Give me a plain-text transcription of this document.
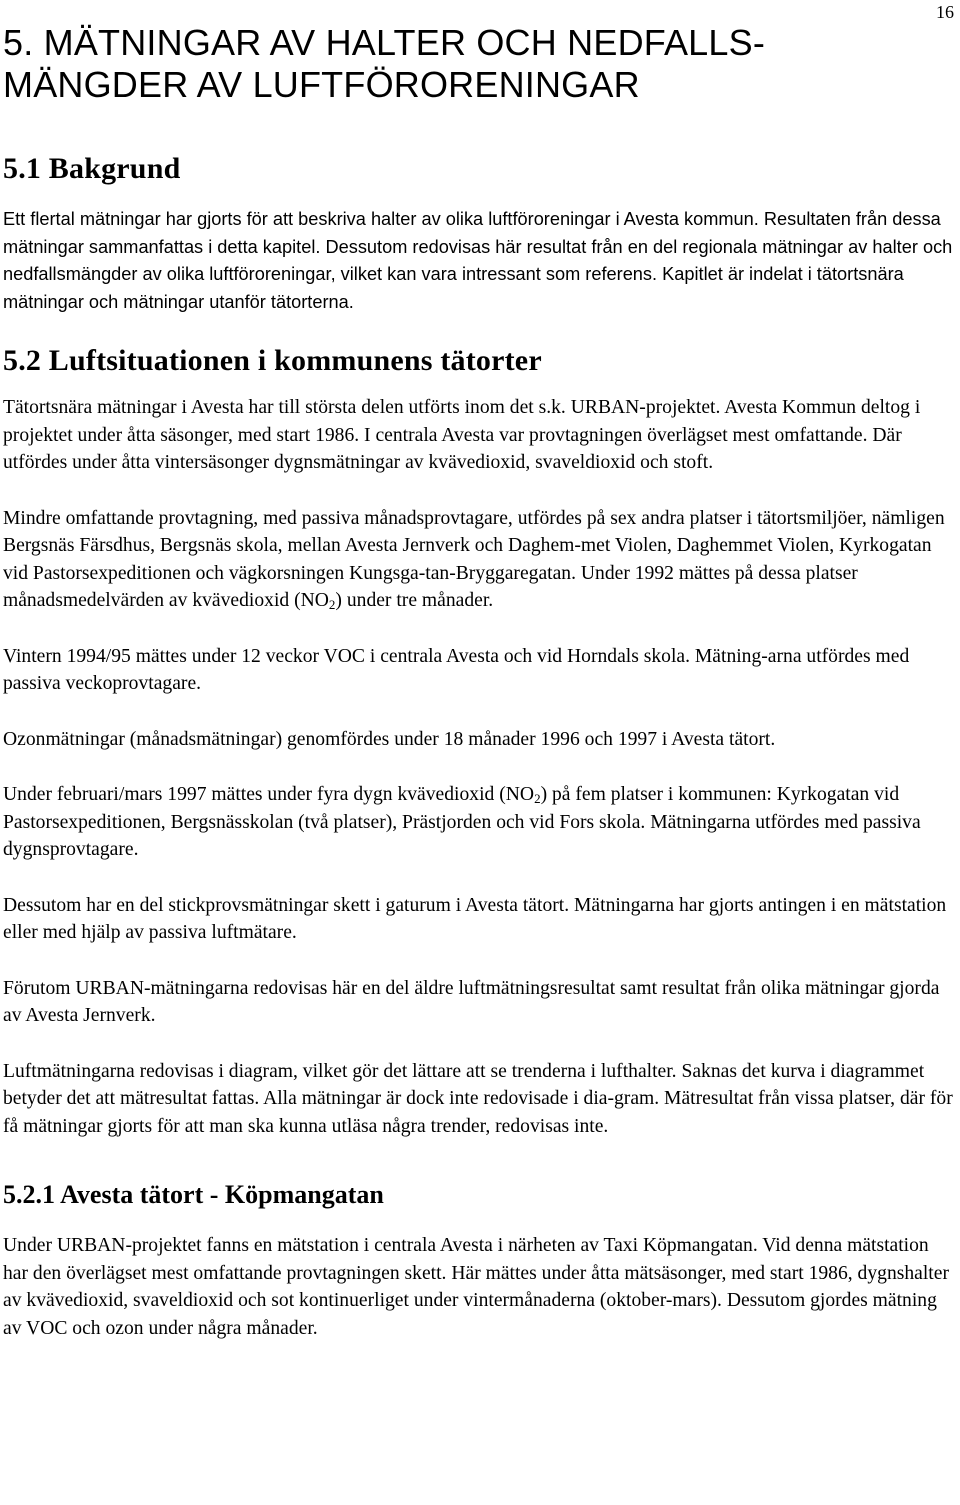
16
5. MÄTNINGAR AV HALTER OCH NEDFALLS-
MÄNGDER AV LUFTFÖRORENINGAR
5.1 Bakgrund

Ett flertal mätningar har gjorts för att beskriva halter av olika luftföroreningar i Avesta kommun. Resultaten från dessa mätningar sammanfattas i detta kapitel. Dessutom redovisas här resultat från en del regionala mätningar av halter och nedfallsmängder av olika luftföroreningar, vilket kan vara intressant som referens. Kapitlet är indelat i tätortsnära mätningar och mätningar utanför tätorterna.

5.2 Luftsituationen i kommunens tätorter

Tätortsnära mätningar i Avesta har till största delen utförts inom det s.k. URBAN-projektet. Avesta Kommun deltog i projektet under åtta säsonger, med start 1986. I centrala Avesta var provtagningen överlägset mest omfattande. Där utfördes under åtta vintersäsonger dygnsmätningar av kvävedioxid, svaveldioxid och stoft.

Mindre omfattande provtagning, med passiva månadsprovtagare, utfördes på sex andra platser i tätortsmiljöer, nämligen Bergsnäs Färsdhus, Bergsnäs skola, mellan Avesta Jernverk och Daghem-met Violen, Daghemmet Violen, Kyrkogatan vid Pastorsexpeditionen och vägkorsningen Kungsga-tan-Bryggaregatan. Under 1992 mättes på dessa platser månadsmedelvärden av kvävedioxid $(NO_2)$ under tre månader.

Vintern 1994/95 mättes under 12 veckor VOC i centrala Avesta och vid Horndals skola. Mätning-arna utfördes med passiva veckoprovtagare.

Ozonmätningar (månadsmätningar) genomfördes under 18 månader 1996 och 1997 i Avesta tätort.

Under februari/mars 1997 mättes under fyra dygn kvävedioxid $(NO_2)$ på fem platser i kommunen: Kyrkogatan vid Pastorsexpeditionen, Bergsnässkolan (två platser), Prästjorden och vid Fors skola. Mätningarna utfördes med passiva dygnsprovtagare.

Dessutom har en del stickprovsmätningar skett i gaturum i Avesta tätort. Mätningarna har gjorts antingen i en mätstation eller med hjälp av passiva luftmätare.

Förutom URBAN-mätningarna redovisas här en del äldre luftmätningsresultat samt resultat från olika mätningar gjorda av Avesta Jernverk.

Luftmätningarna redovisas i diagram, vilket gör det lättare att se trenderna i lufthalter. Saknas det kurva i diagrammet betyder det att mätresultat fattas. Alla mätningar är dock inte redovisade i dia-gram. Mätresultat från vissa platser, där för få mätningar gjorts för att man ska kunna utläsa några trender, redovisas inte.

5.2.1 Avesta tätort - Köpmangatan

Under URBAN-projektet fanns en mätstation i centrala Avesta i närheten av Taxi Köpmangatan. Vid denna mätstation har den överlägset mest omfattande provtagningen skett. Här mättes under åtta mätsäsonger, med start 1986, dygnshalter av kvävedioxid, svaveldioxid och sot kontinuerliget under vintermånaderna (oktober-mars). Dessutom gjordes mätning av VOC och ozon under några månader.
